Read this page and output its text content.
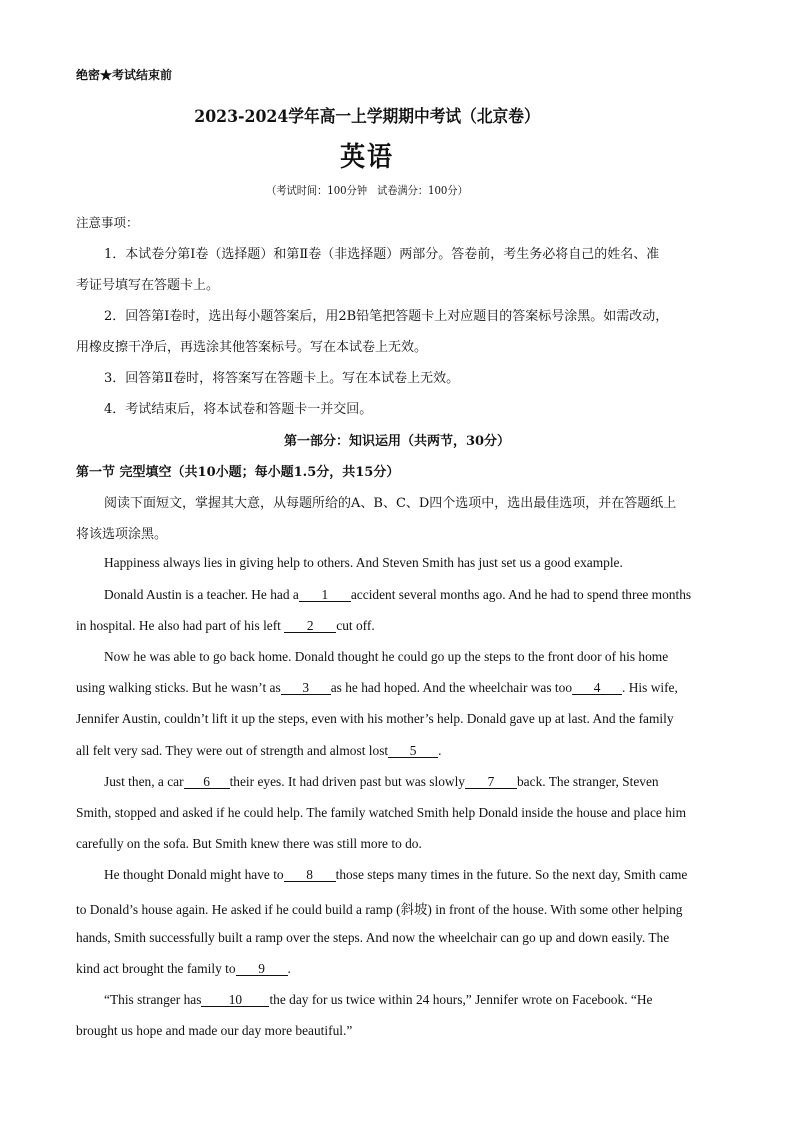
绝密★考试结束前
2023-2024学年高一上学期期中考试（北京卷）
英语
（考试时间：100分钟　试卷满分：100分）
注意事项：
1．本试卷分第Ⅰ卷（选择题）和第Ⅱ卷（非选择题）两部分。答卷前，考生务必将自己的姓名、准
考证号填写在答题卡上。
2．回答第Ⅰ卷时，选出每小题答案后，用2B铅笔把答题卡上对应题目的答案标号涂黑。如需改动，
用橡皮擦干净后，再选涂其他答案标号。写在本试卷上无效。
3．回答第Ⅱ卷时，将答案写在答题卡上。写在本试卷上无效。
4．考试结束后，将本试卷和答题卡一并交回。
第一部分：知识运用（共两节，30分）
第一节 完型填空（共10小题；每小题1.5分，共15分）
阅读下面短文，掌握其大意，从每题所给的A、B、C、D四个选项中，选出最佳选项，并在答题纸上
将该选项涂黑。
Happiness always lies in giving help to others. And Steven Smith has just set us a good example.
Donald Austin is a teacher. He had a 1 accident several months ago. And he had to spend three months
in hospital. He also had part of his left 2 cut off.
Now he was able to go back home. Donald thought he could go up the steps to the front door of his home
using walking sticks. But he wasn’t as 3 as he had hoped. And the wheelchair was too 4 . His wife,
Jennifer Austin, couldn’t lift it up the steps, even with his mother’s help. Donald gave up at last. And the family
all felt very sad. They were out of strength and almost lost 5 .
Just then, a car 6 their eyes. It had driven past but was slowly 7 back. The stranger, Steven
Smith, stopped and asked if he could help. The family watched Smith help Donald inside the house and place him
carefully on the sofa. But Smith knew there was still more to do.
He thought Donald might have to 8 those steps many times in the future. So the next day, Smith came
to Donald’s house again. He asked if he could build a ramp (斜坡) in front of the house. With some other helping
hands, Smith successfully built a ramp over the steps. And now the wheelchair can go up and down easily. The
kind act brought the family to 9 .
“This stranger has 10 the day for us twice within 24 hours,” Jennifer wrote on Facebook. “He
brought us hope and made our day more beautiful.”
